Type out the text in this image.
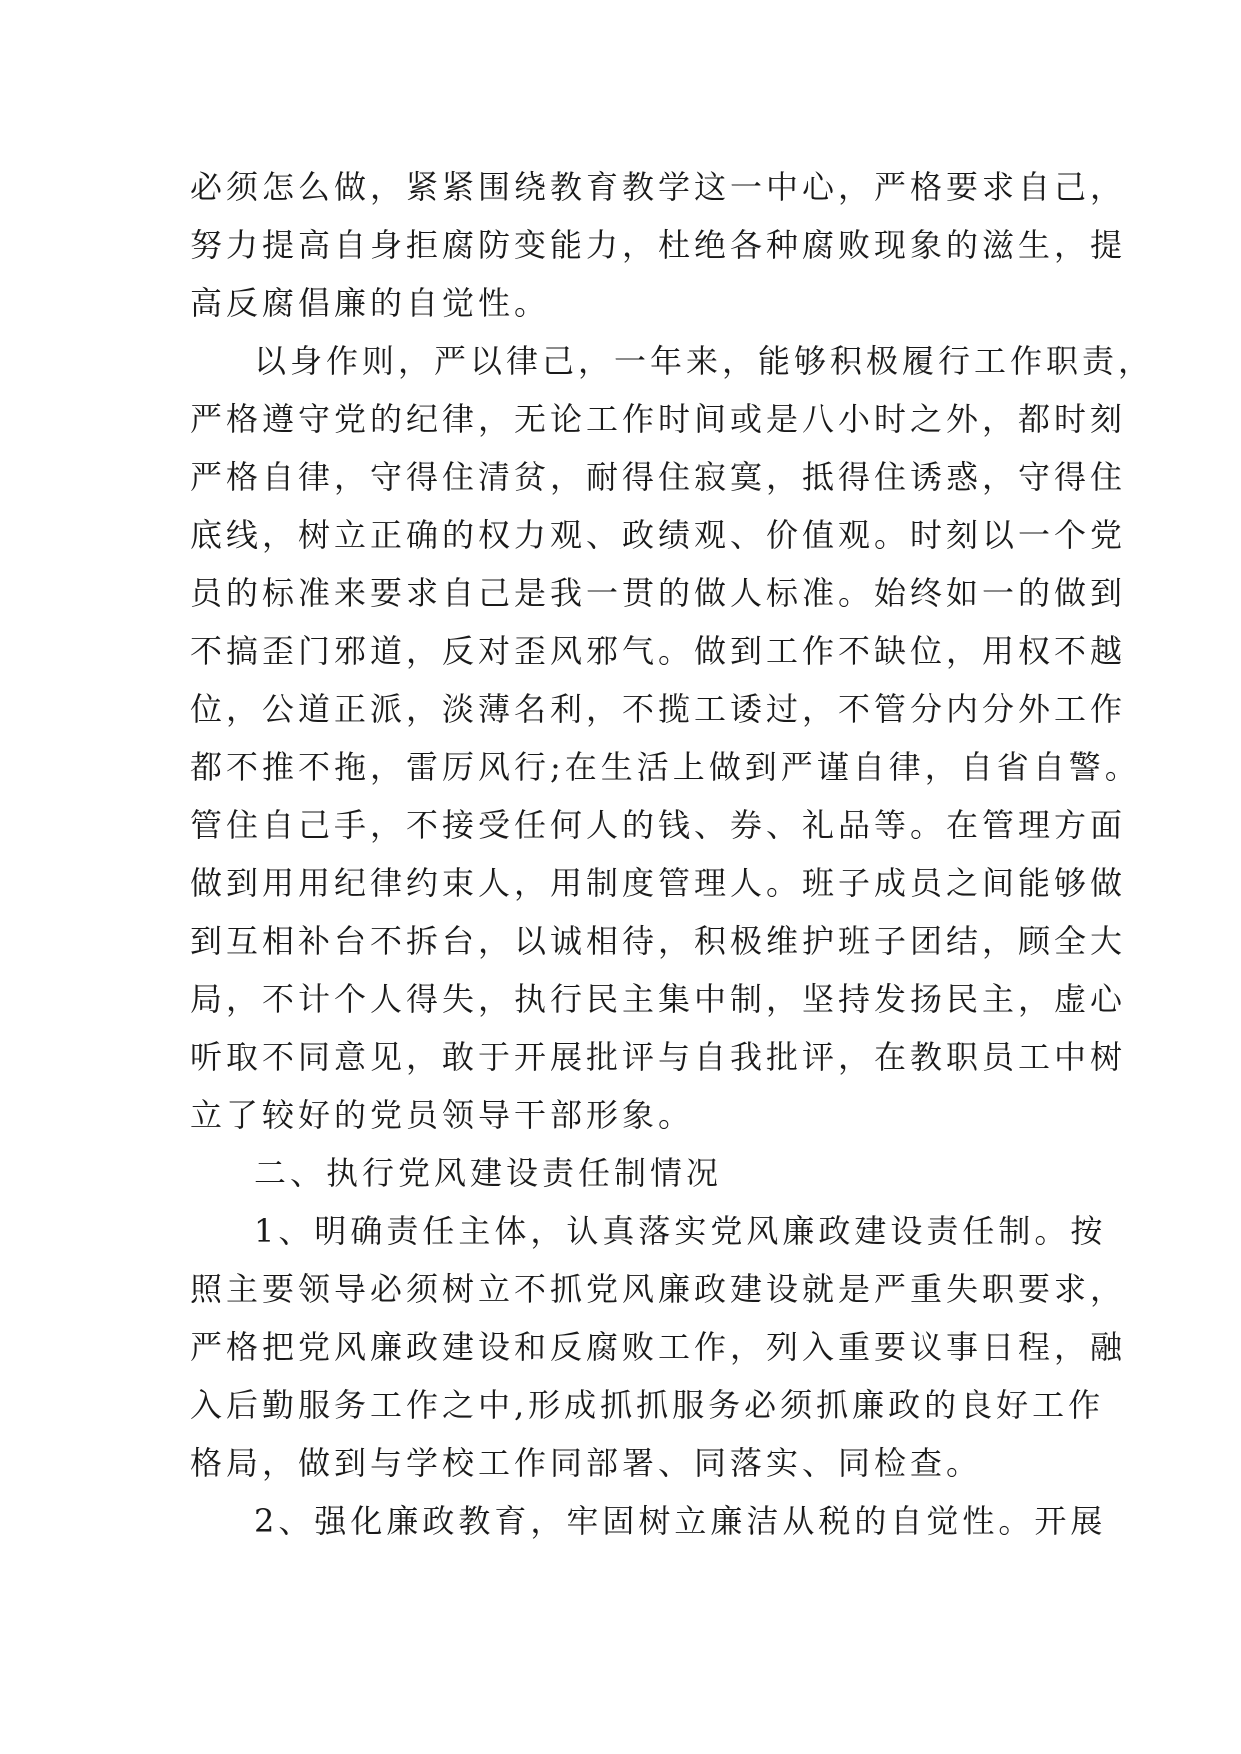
必须怎么做，紧紧围绕教育教学这一中心，严格要求自己，
努力提高自身拒腐防变能力，杜绝各种腐败现象的滋生，提
高反腐倡廉的自觉性。
以身作则，严以律己，一年来，能够积极履行工作职责，
严格遵守党的纪律，无论工作时间或是八小时之外，都时刻
严格自律，守得住清贫，耐得住寂寞，抵得住诱惑，守得住
底线，树立正确的权力观、政绩观、价值观。时刻以一个党
员的标准来要求自己是我一贯的做人标准。始终如一的做到
不搞歪门邪道，反对歪风邪气。做到工作不缺位，用权不越
位，公道正派，淡薄名利，不揽工诿过，不管分内分外工作
都不推不拖，雷厉风行;在生活上做到严谨自律，自省自警。
管住自己手，不接受任何人的钱、券、礼品等。在管理方面
做到用用纪律约束人，用制度管理人。班子成员之间能够做
到互相补台不拆台，以诚相待，积极维护班子团结，顾全大
局，不计个人得失，执行民主集中制，坚持发扬民主，虚心
听取不同意见，敢于开展批评与自我批评，在教职员工中树
立了较好的党员领导干部形象。
二、执行党风建设责任制情况
1、明确责任主体，认真落实党风廉政建设责任制。按
照主要领导必须树立不抓党风廉政建设就是严重失职要求，
严格把党风廉政建设和反腐败工作，列入重要议事日程，融
入后勤服务工作之中,形成抓抓服务必须抓廉政的良好工作
格局，做到与学校工作同部署、同落实、同检查。
2、强化廉政教育，牢固树立廉洁从税的自觉性。开展
